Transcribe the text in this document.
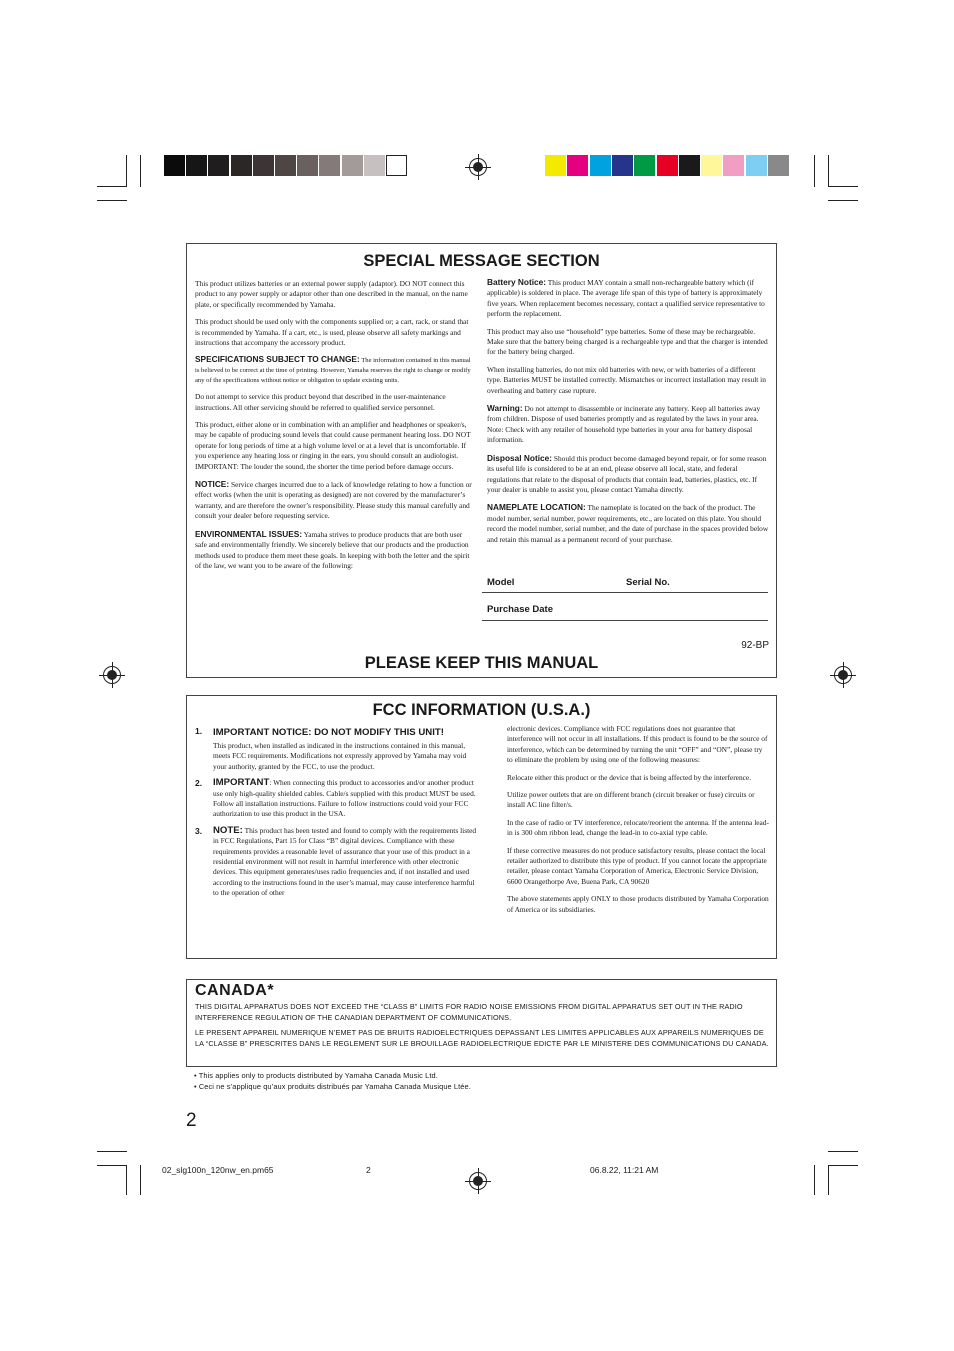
SPECIAL MESSAGE SECTION

This product utilizes batteries or an external power supply (adaptor). DO NOT connect this product to any power supply or adaptor other than one described in the manual, on the name plate, or specifically recommended by Yamaha.

This product should be used only with the components supplied or; a cart, rack, or stand that is recommended by Yamaha. If a cart, etc., is used, please observe all safety markings and instructions that accompany the accessory product.

SPECIFICATIONS SUBJECT TO CHANGE: The information contained in this manual is believed to be correct at the time of printing. However, Yamaha reserves the right to change or modify any of the specifications without notice or obligation to update existing units.

Do not attempt to service this product beyond that described in the user-maintenance instructions. All other servicing should be referred to qualified service personnel.

This product, either alone or in combination with an amplifier and headphones or speaker/s, may be capable of producing sound levels that could cause permanent hearing loss. DO NOT operate for long periods of time at a high volume level or at a level that is uncomfortable. If you experience any hearing loss or ringing in the ears, you should consult an audiologist.
IMPORTANT: The louder the sound, the shorter the time period before damage occurs.

NOTICE: Service charges incurred due to a lack of knowledge relating to how a function or effect works (when the unit is operating as designed) are not covered by the manufacturer’s warranty, and are therefore the owner’s responsibility. Please study this manual carefully and consult your dealer before requesting service.

ENVIRONMENTAL ISSUES: Yamaha strives to produce products that are both user safe and environmentally friendly. We sincerely believe that our products and the production methods used to produce them meet these goals. In keeping with both the letter and the spirit of the law, we want you to be aware of the following:

Battery Notice: This product MAY contain a small non-rechargeable battery which (if applicable) is soldered in place. The average life span of this type of battery is approximately five years. When replacement becomes necessary, contact a qualified service representative to perform the replacement.

This product may also use “household” type batteries. Some of these may be rechargeable. Make sure that the battery being charged is a rechargeable type and that the charger is intended for the battery being charged.

When installing batteries, do not mix old batteries with new, or with batteries of a different type. Batteries MUST be installed correctly. Mismatches or incorrect installation may result in overheating and battery case rupture.

Warning: Do not attempt to disassemble or incinerate any battery. Keep all batteries away from children. Dispose of used batteries promptly and as regulated by the laws in your area. Note: Check with any retailer of household type batteries in your area for battery disposal information.

Disposal Notice: Should this product become damaged beyond repair, or for some reason its useful life is considered to be at an end, please observe all local, state, and federal regulations that relate to the disposal of products that contain lead, batteries, plastics, etc. If your dealer is unable to assist you, please contact Yamaha directly.

NAMEPLATE LOCATION: The nameplate is located on the back of the product. The model number, serial number, power requirements, etc., are located on this plate. You should record the model number, serial number, and the date of purchase in the spaces provided below and retain this manual as a permanent record of your purchase.

Model	Serial No.
Purchase Date
92-BP
PLEASE KEEP THIS MANUAL
FCC INFORMATION (U.S.A.)
1. IMPORTANT NOTICE: DO NOT MODIFY THIS UNIT!
This product, when installed as indicated in the instructions contained in this manual, meets FCC requirements. Modifications not expressly approved by Yamaha may void your authority, granted by the FCC, to use the product.
2. IMPORTANT: When connecting this product to accessories and/or another product use only high-quality shielded cables. Cable/s supplied with this product MUST be used. Follow all installation instructions. Failure to follow instructions could void your FCC authorization to use this product in the USA.
3. NOTE: This product has been tested and found to comply with the requirements listed in FCC Regulations, Part 15 for Class “B” digital devices. Compliance with these requirements provides a reasonable level of assurance that your use of this product in a residential environment will not result in harmful interference with other electronic devices. This equipment generates/uses radio frequencies and, if not installed and used according to the instructions found in the user’s manual, may cause interference harmful to the operation of other

electronic devices. Compliance with FCC regulations does not guarantee that interference will not occur in all installations. If this product is found to be the source of interference, which can be determined by turning the unit “OFF” and “ON”, please try to eliminate the problem by using one of the following measures:

Relocate either this product or the device that is being affected by the interference.

Utilize power outlets that are on different branch (circuit breaker or fuse) circuits or install AC line filter/s.

In the case of radio or TV interference, relocate/reorient the antenna. If the antenna lead-in is 300 ohm ribbon lead, change the lead-in to co-axial type cable.

If these corrective measures do not produce satisfactory results, please contact the local retailer authorized to distribute this type of product. If you cannot locate the appropriate retailer, please contact Yamaha Corporation of America, Electronic Service Division, 6600 Orangethorpe Ave, Buena Park, CA 90620

The above statements apply ONLY to those products distributed by Yamaha Corporation of America or its subsidiaries.

CANADA*
THIS DIGITAL APPARATUS DOES NOT EXCEED THE “CLASS B” LIMITS FOR RADIO NOISE EMISSIONS FROM DIGITAL APPARATUS SET OUT IN THE RADIO INTERFERENCE REGULATION OF THE CANADIAN DEPARTMENT OF COMMUNICATIONS.
LE PRESENT APPAREIL NUMERIQUE N’EMET PAS DE BRUITS RADIOELECTRIQUES DEPASSANT LES LIMITES APPLICABLES AUX APPAREILS NUMERIQUES DE LA “CLASSE B” PRESCRITES DANS LE REGLEMENT SUR LE BROUILLAGE RADIOELECTRIQUE EDICTE PAR LE MINISTERE DES COMMUNICATIONS DU CANADA.
• This applies only to products distributed by Yamaha Canada Music Ltd.
• Ceci ne s’applique qu’aux produits distribués par Yamaha Canada Musique Ltée.
2
02_slg100n_120nw_en.pm65	2	06.8.22, 11:21 AM
